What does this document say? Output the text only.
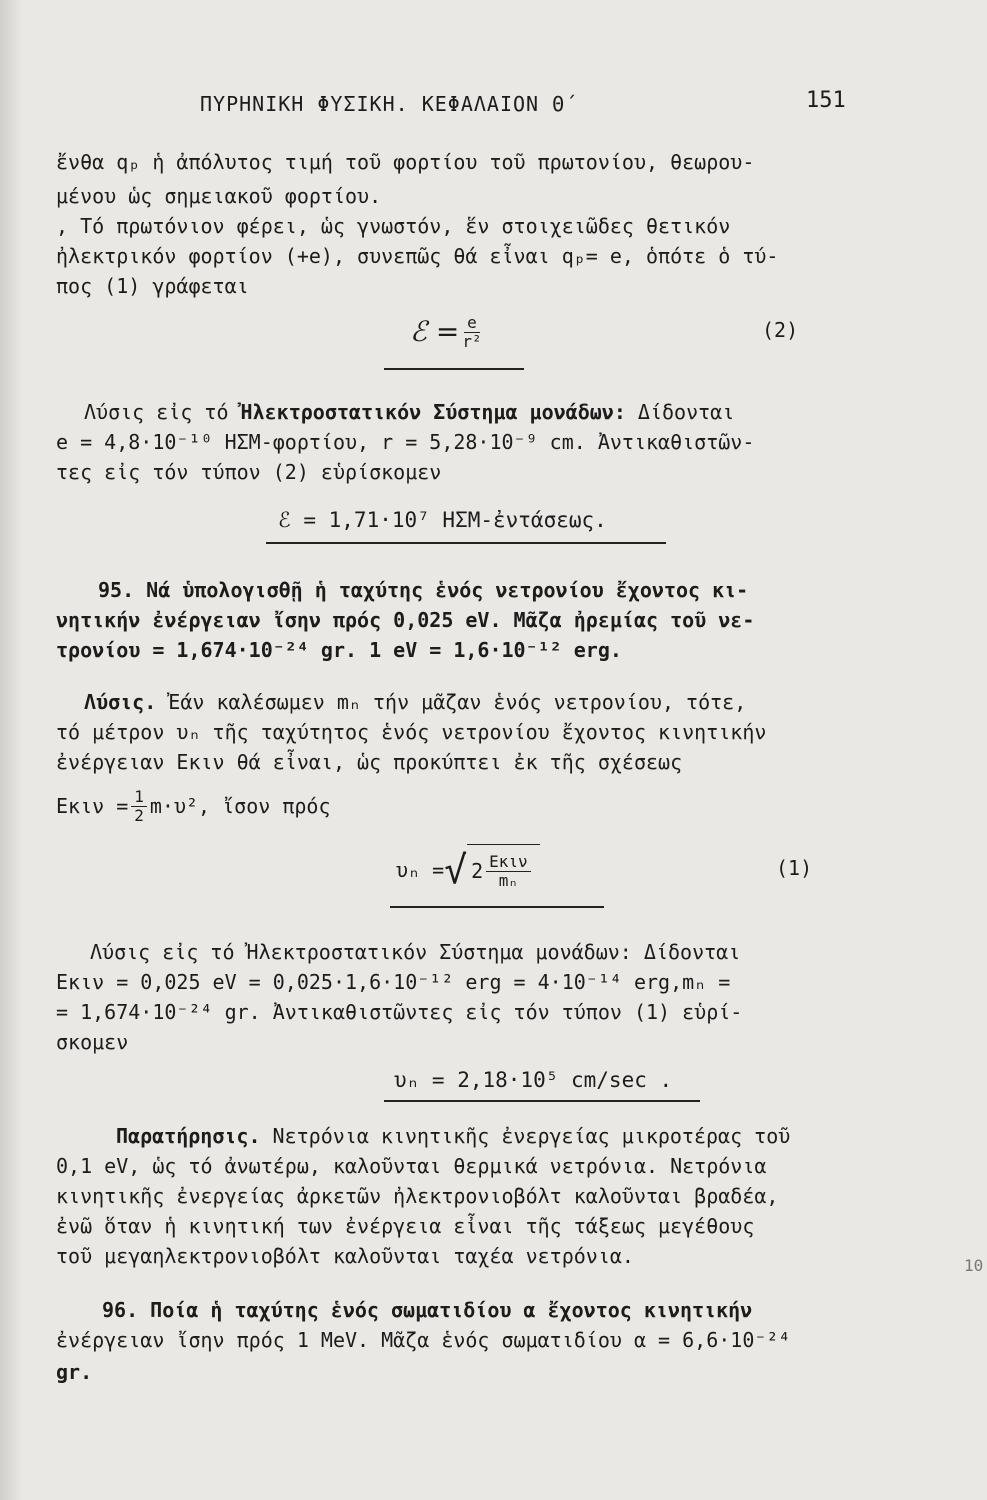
ΠΥΡΗΝΙΚΗ ΦΥΣΙΚΗ. ΚΕΦΑΛΑΙΟΝ Θ΄	151
ἔνθα qₚ ἡ ἀπόλυτος τιμή τοῦ φορτίου τοῦ πρωτονίου, θεωρου-
μένου ὡς σημειακοῦ φορτίου.
, Τό πρωτόνιον φέρει, ὡς γνωστόν, ἕν στοιχειῶδες θετικόν
ἠλεκτρικόν φορτίον (+e), συνεπῶς θά εἶναι qₚ= e, ὁπότε ὁ τύ-
πος (1) γράφεται
ℰ = $\frac{e}{\text{r²}}$	(2)
Λύσις εἰς τό Ἠλεκτροστατικόν Σύστημα μονάδων: Δίδονται
e = 4,8·10⁻¹⁰ ΗΣΜ-φορτίου, r = 5,28·10⁻⁹ cm. Ἀντικαθιστῶν-
τες εἰς τόν τύπον (2) εὑρίσκομεν
ℰ = 1,71·10⁷ ΗΣΜ-ἐντάσεως.
95. Νά ὑπολογισθῇ ἡ ταχύτης ἑνός νετρονίου ἔχοντος κι-
νητικήν ἐνέργειαν ἴσην πρός 0,025 eV. Μᾶζα ἠρεμίας τοῦ νε-
τρονίου = 1,674·10⁻²⁴ gr. 1 eV = 1,6·10⁻¹² erg.
Λύσις. Ἐάν καλέσωμεν mₙ τήν μᾶζαν ἑνός νετρονίου, τότε,
τό μέτρον υₙ τῆς ταχύτητος ἑνός νετρονίου ἔχοντος κινητικήν
ἐνέργειαν Eκιν θά εἶναι, ὡς προκύπτει ἐκ τῆς σχέσεως
$E\kappa\iota\nu = \frac{1}{2} m\cdot\upsilon^2$, ἴσον πρός
υₙ = √ $2 \frac{\text{Eκιν}}{\text{mₙ}}$	(1)
Λύσις εἰς τό Ἠλεκτροστατικόν Σύστημα μονάδων: Δίδονται
Eκιν = 0,025 eV = 0,025·1,6·10⁻¹² erg = 4·10⁻¹⁴ erg,mₙ =
= 1,674·10⁻²⁴ gr. Ἀντικαθιστῶντες εἰς τόν τύπον (1) εὑρί-
σκομεν
υₙ = 2,18·10⁵ cm/sec .
Παρατήρησις. Νετρόνια κινητικῆς ἐνεργείας μικροτέρας τοῦ
0,1 eV, ὡς τό ἀνωτέρω, καλοῦνται θερμικά νετρόνια. Νετρόνια
κινητικῆς ἐνεργείας ἀρκετῶν ἠλεκτρονιοβόλτ καλοῦνται βραδέα,
ἐνῶ ὅταν ἡ κινητική των ἐνέργεια εἶναι τῆς τάξεως μεγέθους
τοῦ μεγαηλεκτρονιοβόλτ καλοῦνται ταχέα νετρόνια.
96. Ποία ἡ ταχύτης ἑνός σωματιδίου α ἔχοντος κινητικήν
ἐνέργειαν ἴσην πρός 1 MeV. Μᾶζα ἑνός σωματιδίου α = 6,6·10⁻²⁴
gr.
10
